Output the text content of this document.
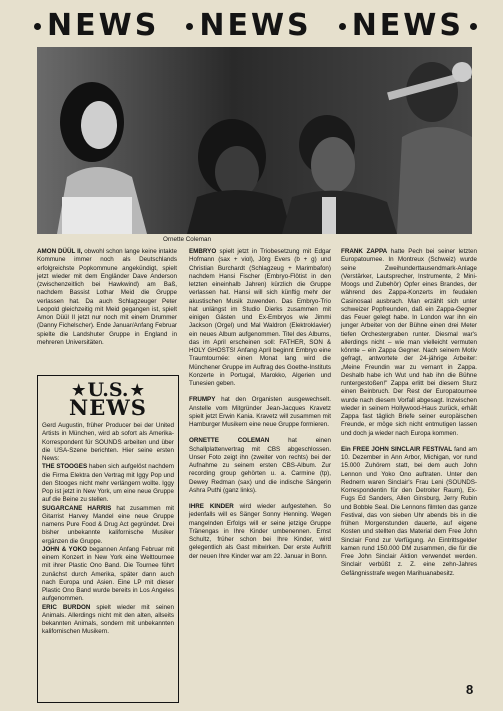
NEWS NEWS NEWS
Ornette Coleman

AMON DÜÜL II, obwohl schon lange keine intakte Kommune immer noch als Deutschlands erfolgreichste Popkommune angekündigt, spielt jetzt wieder mit dem Engländer Dave Anderson (zwischenzeitlich bei Hawkwind) am Baß, nachdem Bassist Lothar Meid die Gruppe verlassen hat. Da auch Schlagzeuger Peter Leopold gleichzeitig mit Meid gegangen ist, spielt Amon Düül II jetzt nur noch mit einem Drummer (Danny Fichelscher). Ende Januar/Anfang Februar spielte die Landshuter Gruppe in England in mehreren Universitäten.

★ U.S. ★
NEWS

Gerd Augustin, früher Producer bei der United Artists in München, wird ab sofort als Amerika-Korrespondent für SOUNDS arbeiten und über die USA-Szene berichten. Hier seine ersten News:

THE STOOGES haben sich aufgelöst nachdem die Firma Elektra den Vertrag mit Iggy Pop und den Stooges nicht mehr verlängern wollte. Iggy Pop ist jetzt in New York, um eine neue Gruppe auf die Beine zu stellen.

SUGARCANE HARRIS hat zusammen mit Gitarrist Harvey Mandel eine neue Gruppe namens Pure Food & Drug Act gegründet. Drei bisher unbekannte kalifornische Musiker ergänzen die Gruppe.

JOHN & YOKO begannen Anfang Februar mit einem Konzert in New York eine Welttournee mit ihrer Plastic Ono Band. Die Tournee führt zunächst durch Amerika, später dann auch nach Europa und Asien. Eine LP mit dieser Plastic Ono Band wurde bereits in Los Angeles aufgenommen.

ERIC BURDON spielt wieder mit seinen Animals. Allerdings nicht mit den alten, allseits bekannten Animals, sondern mit unbekannten kalifornischen Musikern.

EMBRYO spielt jetzt in Triobesetzung mit Edgar Hofmann (sax + viol), Jörg Evers (b + g) und Christian Burchardt (Schlagzeug + Marimbafon) nachdem Hansi Fischer (Embryo-Flötist in den letzten eineinhalb Jahren) kürzlich die Gruppe verlassen hat. Hansi will sich künftig mehr der akustischen Musik zuwenden. Das Embryo-Trio hat unlängst im Studio Dierks zusammen mit einigen Gästen und Ex-Embryos wie Jimmi Jackson (Orgel) und Mal Waldron (Elektroklavier) ein neues Album aufgenommen. Titel des Albums, das im April erscheinen soll: FATHER, SON & HOLY GHOSTS! Anfang April beginnt Embryo eine Traumtournée: einen Monat lang wird die Münchener Gruppe im Auftrag des Goethe-Instituts Konzerte in Portugal, Marokko, Algerien und Tunesien geben.

FRUMPY hat den Organisten ausgewechselt. Anstelle vom Mitgründer Jean-Jacques Kravetz spielt jetzt Erwin Kania. Kravetz will zusammen mit Hamburger Musikern eine neue Gruppe formieren.

ORNETTE COLEMAN hat einen Schallplattenvertrag mit CBS abgeschlossen. Unser Foto zeigt ihn (zweiter von rechts) bei der Aufnahme zu seinem ersten CBS-Album. Zur recording group gehörten u. a. Carmine (tp), Dewey Redman (sax) und die indische Sängerin Ashra Puthi (ganz links).

IHRE KINDER wird wieder aufgestehen. So jedenfalls will es Sänger Sonny Henning. Wegen mangelnden Erfolgs will er seine jetzige Gruppe Tränengas in Ihre Kinder umbenennen. Ernst Schultz, früher schon bei Ihre Kinder, wird gelegentlich als Gast mitwirken. Der erste Auftritt der neuen Ihre Kinder war am 22. Januar in Bonn.

FRANK ZAPPA hatte Pech bei seiner letzten Europatournee. In Montreux (Schweiz) wurde seine Zweihunderttausendmark-Anlage (Verstärker, Lautsprecher, Instrumente, 2 Mini-Moogs und Zubehör) Opfer eines Brandes, der während des Zappa-Konzerts im feudalen Casinosaal ausbrach. Man erzählt sich unter schweizer Popfreunden, daß ein Zappa-Gegner das Feuer gelegt habe. In London war ihn ein junger Arbeiter von der Bühne einen drei Meter tiefen Orchestergraben runter. Diesmal war's allerdings nicht – wie man vielleicht vermuten könnte – ein Zappa Gegner. Nach seinem Motiv gefragt, antwortete der 24-jährige Arbeiter: „Meine Freundin war zu vernarrt in Zappa. Deshalb habe ich Wut und hab ihn die Bühne runtergestoßen!" Zappa erlitt bei diesem Sturz einen Beinbruch. Der Rest der Europatournee wurde nach diesem Vorfall abgesagt. Inzwischen wieder in seinem Hollywood-Haus zurück, erhält Zappa fast täglich Briefe seiner europäischen Freunde, er möge sich nicht entmutigen lassen und doch ja wieder nach Europa kommen.

Ein FREE JOHN SINCLAIR FESTIVAL fand am 10. Dezember in Ann Arbor, Michigan, vor rund 15.000 Zuhörern statt, bei dem auch John Lennon und Yoko Ono auftraten. Unter den Rednern waren Sinclair's Frau Leni (SOUNDS-Korrespondentin für den Detroiter Raum), Ex-Fugs Ed Sanders, Allen Ginsburg, Jerry Rubin und Bobble Seal. Die Lennons filmten das ganze Festival, das von sieben Uhr abends bis in die frühen Morgenstunden dauerte, auf eigene Kosten und stellten das Material dem Free John Sinclair Fond zur Verfügung. An Eintrittsgelder kamen rund 150.000 DM zusammen, die für die Free John Sinclair Aktion verwendet werden. Sinclair verbüßt z. Z. eine zehn-Jahres Gefängnisstrafe wegen Marihuanabesitz.

8
